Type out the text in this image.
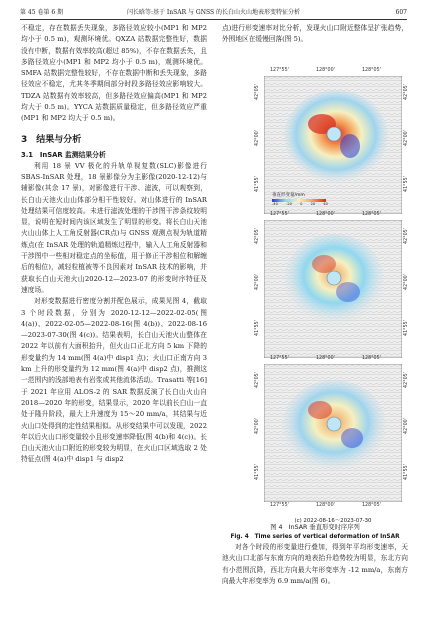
第 45 卷第 6 期	闫长晗等:基于 InSAR 与 GNSS 的长白山火山地表形变特征分析	607

不稳定，存在数据丢失现象，多路径效应较小(MP1 和 MP2 均小于 0.5 m)，观测环境优。QXZA 站数据完整性好，数据没有中断，数据有效率较高(超过 85%)，不存在数据丢失，且多路径效应小(MP1 和 MP2 均小于 0.5 m)，观测环境优。SMFA 站数据完整性较好，不存在数据中断和丢失现象，多路径效应不稳定，尤其冬季期间部分时段多路径效应影响较大。TDZA 站数据有效率较高，但多路径效应偏高(MP1 和 MP2 均大于 0.5 m)。YYCA 站数据质量稳定，但多路径效应严重(MP1 和 MP2 均大于 0.5 m)。

3　结果与分析
3.1　InSAR 监测结果分析

利用 18 景 VV 极化的升轨单视复数(SLC)影像进行 SBAS-InSAR 处理，18 景影像分为主影像(2020-12-12)与辅影像(其余 17 景)，对影像进行干涉、滤波，可以观察到，长白山天池火山山体部分相干性较好。对山体进行的 InSAR 处理结果可信度较高。未进行滤波处理的干涉图干涉条纹较明显，说明在短时间内该区域发生了明显的形变。将长白山天池火山山体上人工角反射器(CR点)与 GNSS 观测点视为轨道精炼点(在 InSAR 处理的轨道精炼过程中，输入人工角反射器和干涉图中一些相对稳定点的坐标值，用于修正干涉相位和解缠后的相位)，减轻粒植被等不良因素对 InSAR 技术的影响，并获取长白山天池火山2020-12—2023-07 的形变时序特征及速度场。

对形变数据进行密度分割并配色展示，成果见图 4，截取 3 个时段数据，分别为 2020-12-12—2022-02-05(图 4(a))、2022-02-05—2022-08-16(图 4(b))、2022-08-16—2023-07-30(图 4(c))。结果表明，长白山天池火山整体在 2022 年以前有大面积抬升，但火山口正北方向 5 km 下降的形变量约为 14 mm(图 4(a)中 disp1 点)；火山口正南方向 3 km 上升的形变量约为 12 mm(图 4(a)中 disp2 点)，推测这一范围内的浅部地表有岩浆或其他流体活动。Trasatti 等[16] 于 2021 年应用 ALOS-2 的 SAR 数据反演了长白山火山自 2018—2020 年的形变，结果显示，2020 年以前长白山一直处于隆升阶段，最大上升速度为 15～20 mm/a，其结果与近火山口处得到的定性结果相似。从形变结果中可以发现，2022 年以后火山口形变量较小且形变速率降低(图 4(b)和 4(c))。长白山天池火山口附近的形变较为明显，在火山口区域选取 2 处特征点(图 4(a)中 disp1 与 disp2

点)进行形变速率对比分析，发现火山口附近整体呈扩张趋势，外围地区在缓慢回落(图 5)。

垂直形变量/mm
-40 -20 0 20 40
127°55'	128°00'	128°05'
42°05'
42°00'
41°55'
42°05'
42°00'
41°55'
127°55'	128°00'	128°05'
42°05'
42°00'
41°55'
42°05'
42°00'
41°55'
127°55'	128°00'	128°05'
42°05'
42°00'
41°55'
42°05'
42°00'
41°55'
127°55'	128°00'	128°05'
(c) 2022-08-16～2023-07-30
图 4　InSAR 垂直形变时序序列
Fig. 4　Time series of vertical deformation of InSAR

对各个时段的形变量进行叠加，得到年平均形变速率，天池火山口北部与东南方向的地表抬升趋势较为明显，东北方向有小范围沉降，西北方向最大年形变率为 -12 mm/a，东南方向最大年形变率为 6.9 mm/a(图 6)。
